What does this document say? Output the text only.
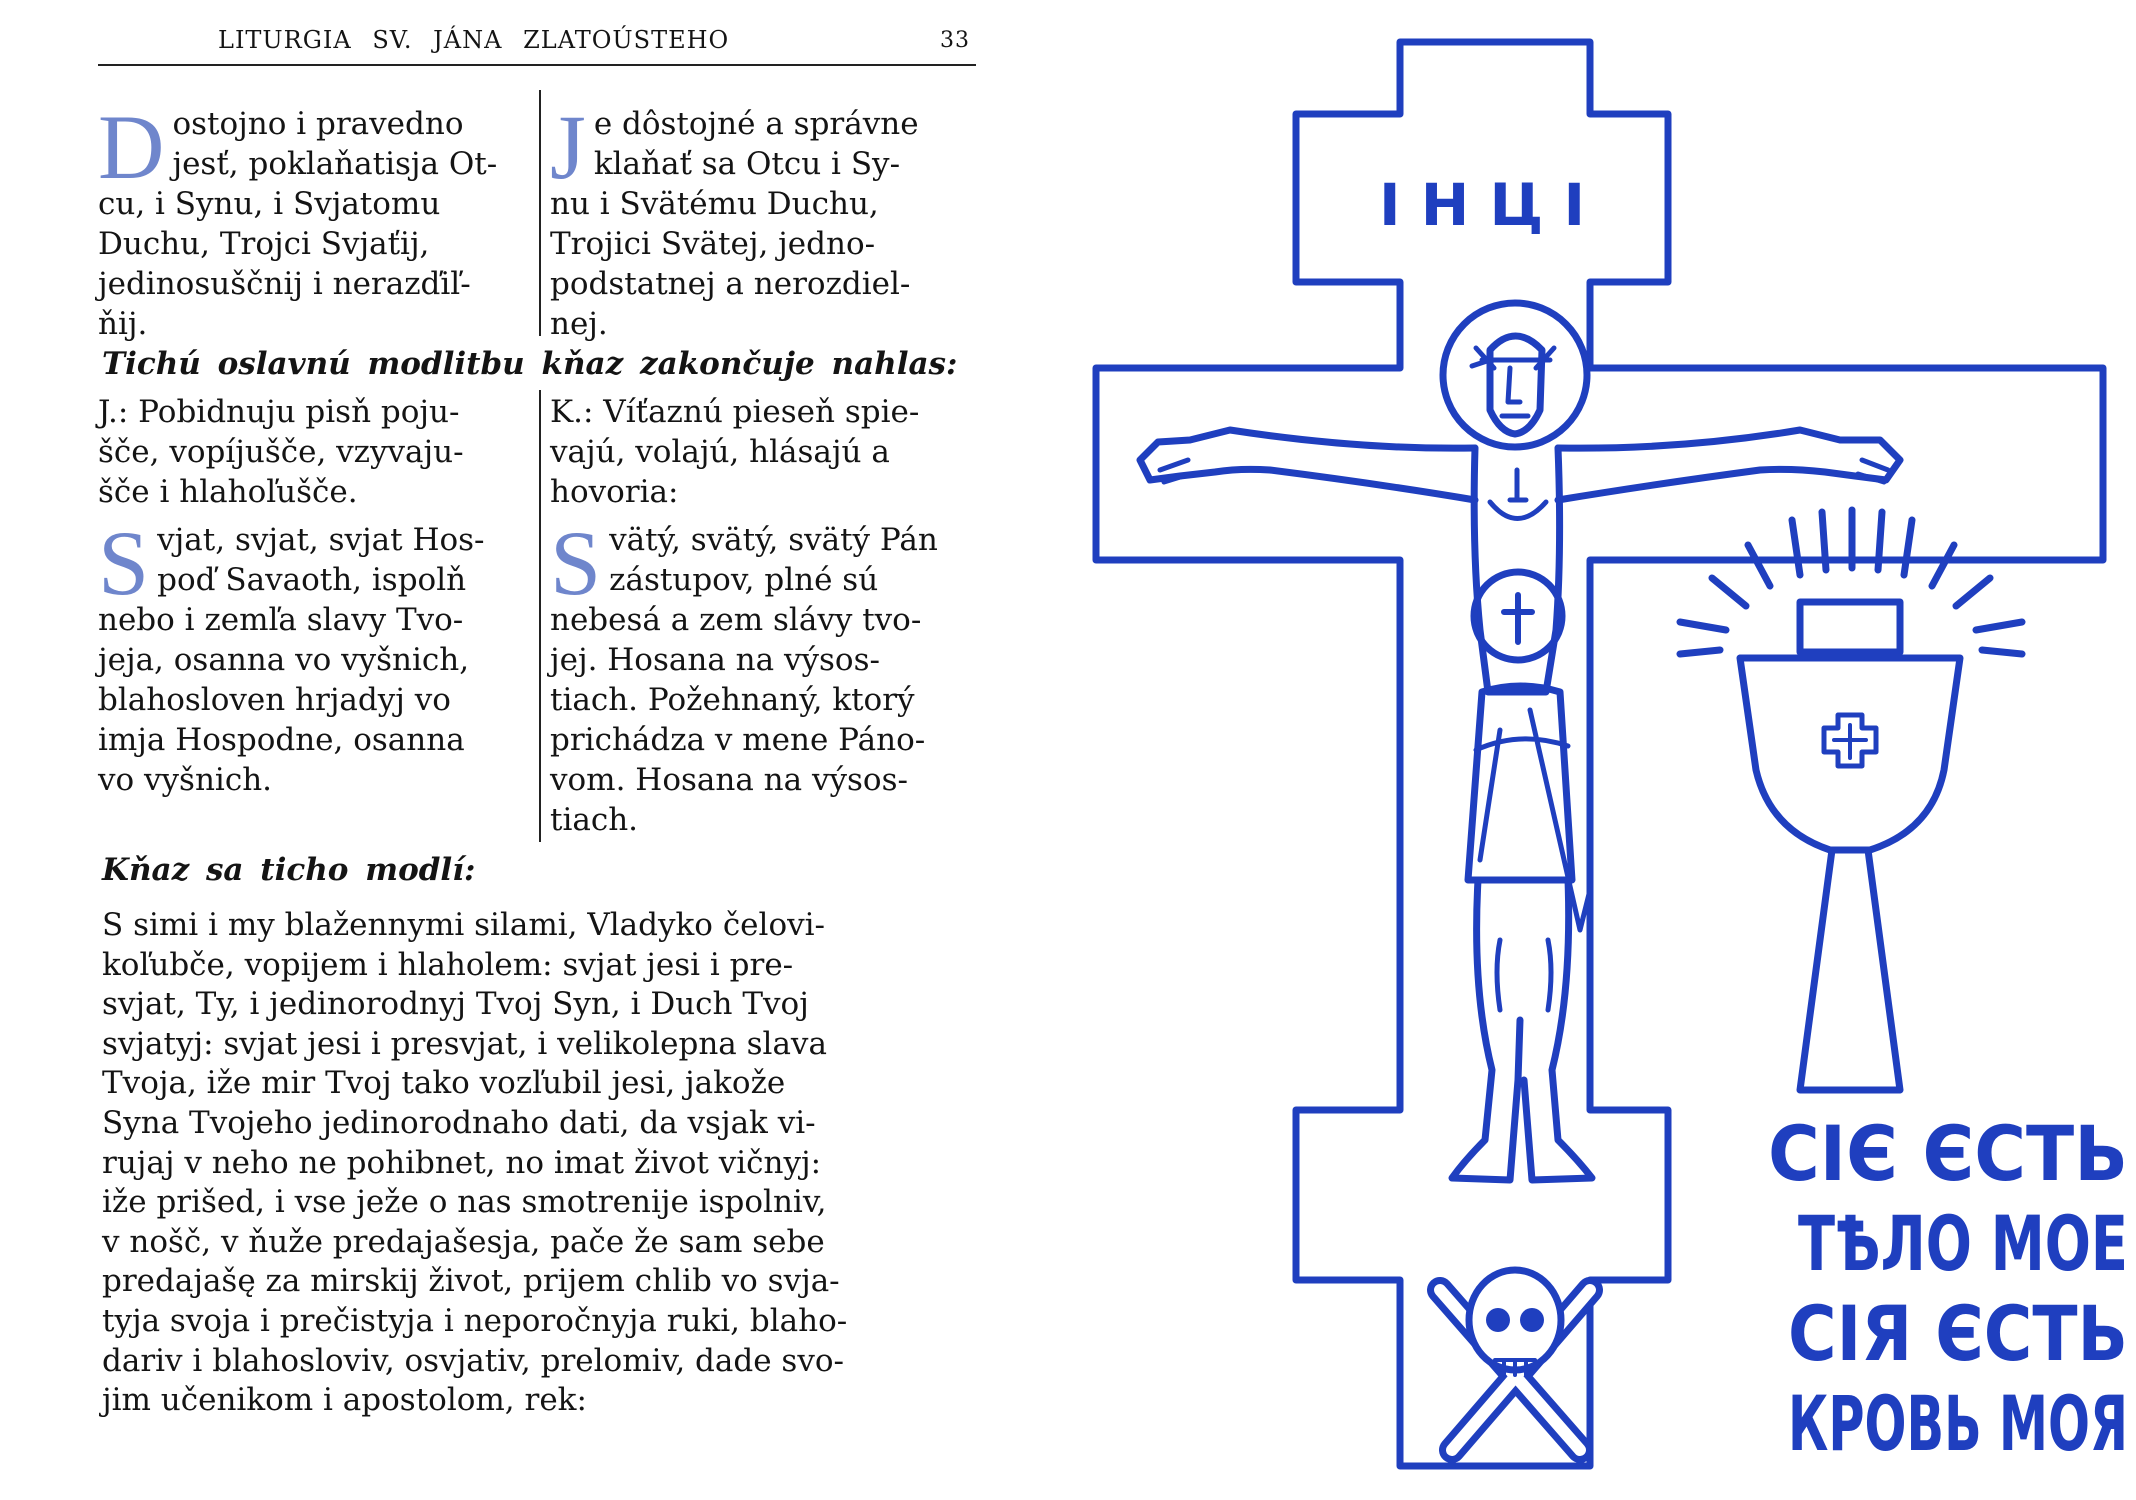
LITURGIA SV. JÁNA ZLATOÚSTEHO	33
D ostojno i pravedno
jesť, poklaňatisja Ot-
cu, i Synu, i Svjatomu
Duchu, Trojci Svjaťij,
jedinosuščnij i nerazďiľ-
ňij.
J e dôstojné a správne
klaňať sa Otcu i Sy-
nu i Svätému Duchu,
Trojici Svätej, jedno-
podstatnej a nerozdiel-
nej.
Tichú oslavnú modlitbu kňaz zakončuje nahlas:
J.: Pobidnuju pisň poju-
šče, vopíjušče, vzyvaju-
šče i hlahoľušče.
K.: Víťaznú pieseň spie-
vajú, volajú, hlásajú a
hovoria:
S vjat, svjat, svjat Hos-
poď Savaoth, ispolň
nebo i zemľa slavy Tvo-
jeja, osanna vo vyšnich,
blahosloven hrjadyj vo
imja Hospodne, osanna
vo vyšnich.
S vätý, svätý, svätý Pán
zástupov, plné sú
nebesá a zem slávy tvo-
jej. Hosana na výsos-
tiach. Požehnaný, ktorý
prichádza v mene Páno-
vom. Hosana na výsos-
tiach.
Kňaz sa ticho modlí:
S simi i my blažennymi silami, Vladyko čelovi-
koľubče, vopijem i hlaholem: svjat jesi i pre-
svjat, Ty, i jedinorodnyj Tvoj Syn, i Duch Tvoj
svjatyj: svjat jesi i presvjat, i velikolepna slava
Tvoja, iže mir Tvoj tako vozľubil jesi, jakože
Syna Tvojeho jedinorodnaho dati, da vsjak vi-
rujaj v neho ne pohibnet, no imat život vičnyj:
iže prišed, i vse ježe o nas smotrenije ispolniv,
v nošč, v ňuže predajašesja, pače že sam sebe
predajašę za mirskij život, prijem chlib vo svja-
tyja svoja i prečistyja i neporočnyja ruki, blaho-
dariv i blahosloviv, osvjativ, prelomiv, dade svo-
jim učenikom i apostolom, rek:
І Н Ц І
СІЄ ЄСТЬ
ТѢЛО МОЕ
СІЯ ЄСТЬ
КРОВЬ МОЯ
